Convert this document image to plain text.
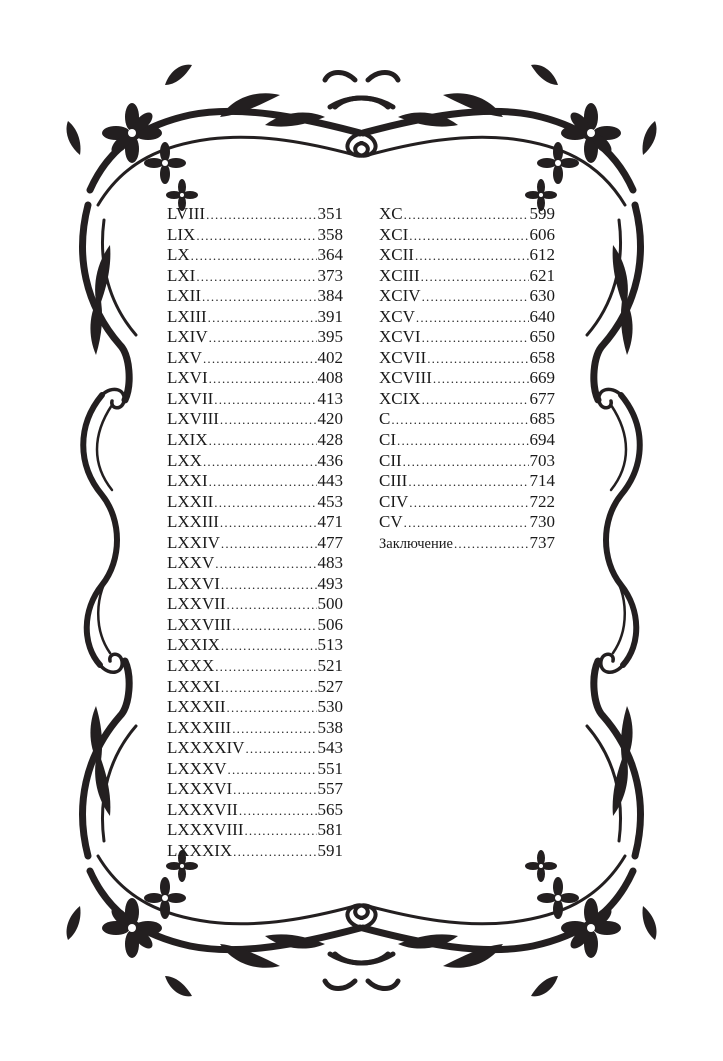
LVIII .....	351
LIX .....	358
LX .....	364
LXI .....	373
LXII .....	384
LXIII .....	391
LXIV .....	395
LXV .....	402
LXVI .....	408
LXVII .....	413
LXVIII .....	420
LXIX .....	428
LXX .....	436
LXXI .....	443
LXXII .....	453
LXXIII .....	471
LXXIV .....	477
LXXV .....	483
LXXVI .....	493
LXXVII .....	500
LXXVIII .....	506
LXXIX .....	513
LXXX .....	521
LXXXI .....	527
LXXXII .....	530
LXXXIII .....	538
LXXXXIV .....	543
LXXXV .....	551
LXXXVI .....	557
LXXXVII .....	565
LXXXVIII .....	581
LXXXIX .....	591
XC .....	599
XCI .....	606
XCII .....	612
XCIII .....	621
XCIV .....	630
XCV .....	640
XCVI .....	650
XCVII .....	658
XCVIII .....	669
XCIX .....	677
C .....	685
CI .....	694
CII .....	703
CIII .....	714
CIV .....	722
CV .....	730
Заключение .....	737
